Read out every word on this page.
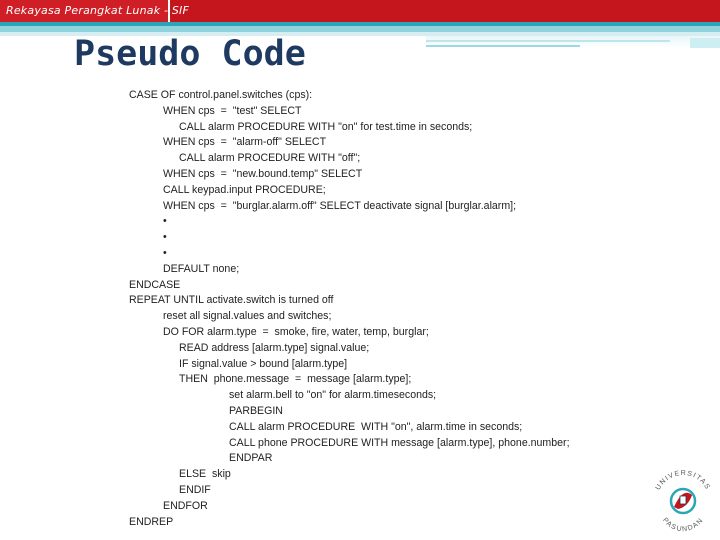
Rekayasa Perangkat Lunak - SIF
Pseudo Code
CASE OF control.panel.switches (cps):
WHEN cps  =  "test" SELECT
CALL alarm PROCEDURE WITH "on" for test.time in seconds;
WHEN cps  =  "alarm-off" SELECT
CALL alarm PROCEDURE WITH "off";
WHEN cps  =  "new.bound.temp" SELECT
CALL keypad.input PROCEDURE;
WHEN cps  =  "burglar.alarm.off" SELECT deactivate signal [burglar.alarm];
•
•
•
DEFAULT none;
ENDCASE
REPEAT UNTIL activate.switch is turned off
reset all signal.values and switches;
DO FOR alarm.type  =  smoke, fire, water, temp, burglar;
READ address [alarm.type] signal.value;
IF signal.value > bound [alarm.type]
THEN  phone.message  =  message [alarm.type];
set alarm.bell to "on" for alarm.timeseconds;
PARBEGIN
CALL alarm PROCEDURE  WITH "on", alarm.time in seconds;
CALL phone PROCEDURE WITH message [alarm.type], phone.number;
ENDPAR
ELSE  skip
ENDIF
ENDFOR
ENDREP
UNIVERSITAS
PASUNDAN
